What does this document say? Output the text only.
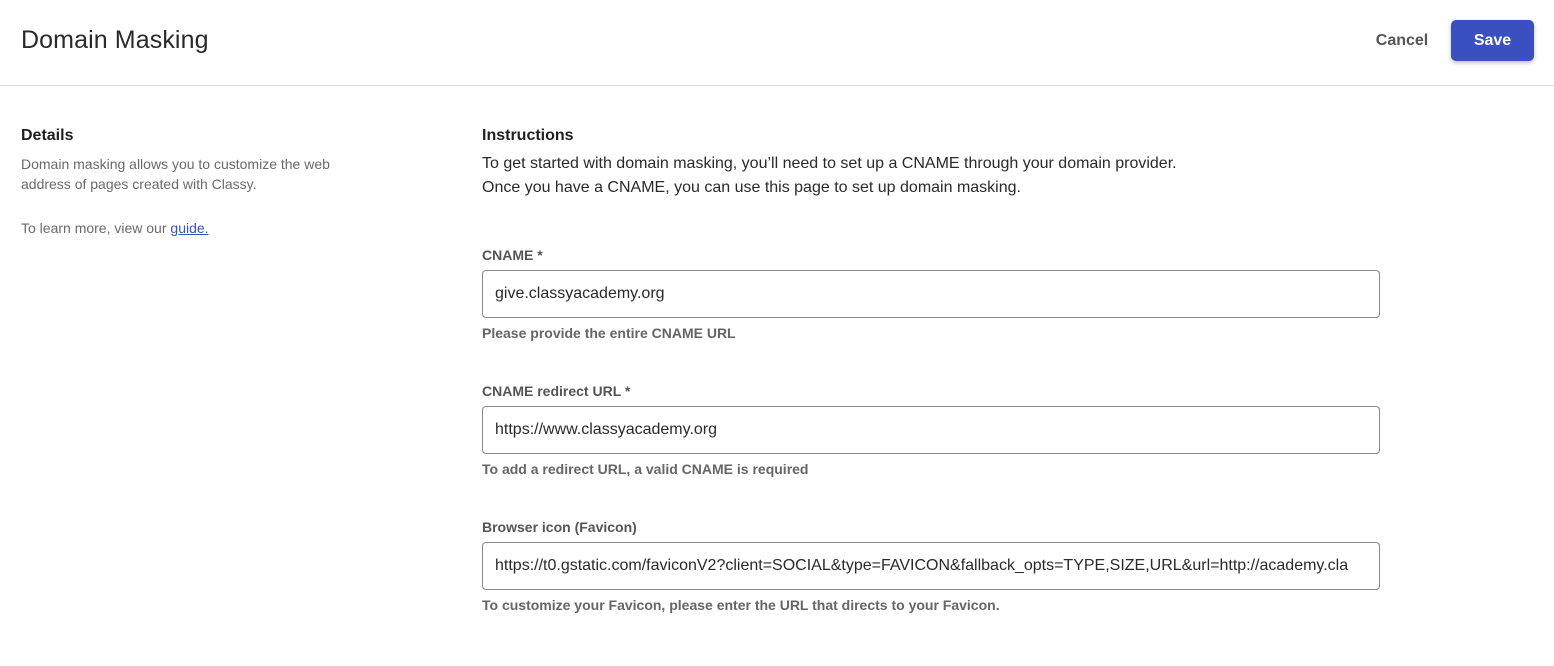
Domain Masking	Cancel	Save

Details

Domain masking allows you to customize the web address of pages created with Classy.

To learn more, view our guide.

Instructions

To get started with domain masking, you’ll need to set up a CNAME through your domain provider.

Once you have a CNAME, you can use this page to set up domain masking.

CNAME *

give.classyacademy.org
Please provide the entire CNAME URL

CNAME redirect URL *

https://www.classyacademy.org
To add a redirect URL, a valid CNAME is required

Browser icon (Favicon)

https://t0.gstatic.com/faviconV2?client=SOCIAL&type=FAVICON&fallback_opts=TYPE,SIZE,URL&url=http://academy.cla
To customize your Favicon, please enter the URL that directs to your Favicon.
